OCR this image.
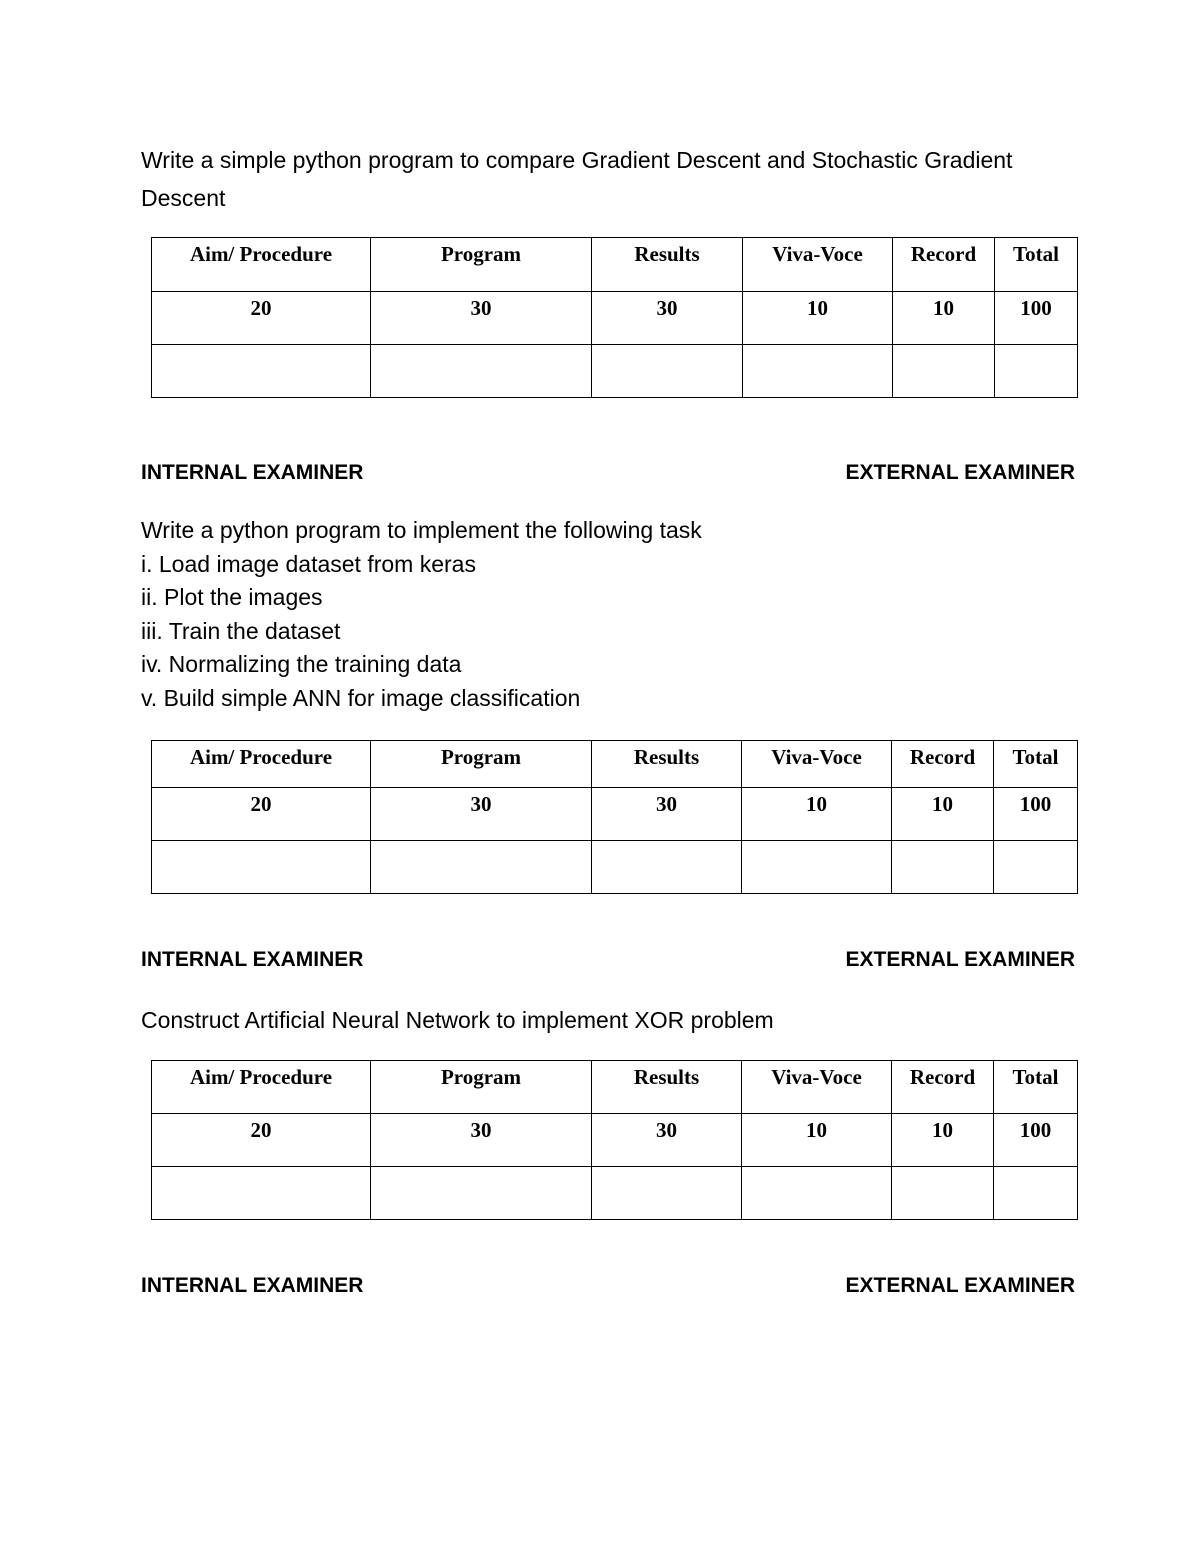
Write a simple python program to compare Gradient Descent and Stochastic Gradient

Descent

Aim/ Procedure	Program	Results	Viva-Voce	Record	Total
20	30	30	10	10	100

INTERNAL EXAMINER	EXTERNAL EXAMINER

Write a python program to implement the following task

i. Load image dataset from keras

ii. Plot the images

iii. Train the dataset

iv. Normalizing the training data

v. Build simple ANN for image classification

Aim/ Procedure	Program	Results	Viva-Voce	Record	Total
20	30	30	10	10	100

INTERNAL EXAMINER	EXTERNAL EXAMINER

Construct Artificial Neural Network to implement XOR problem

Aim/ Procedure	Program	Results	Viva-Voce	Record	Total
20	30	30	10	10	100

INTERNAL EXAMINER	EXTERNAL EXAMINER
